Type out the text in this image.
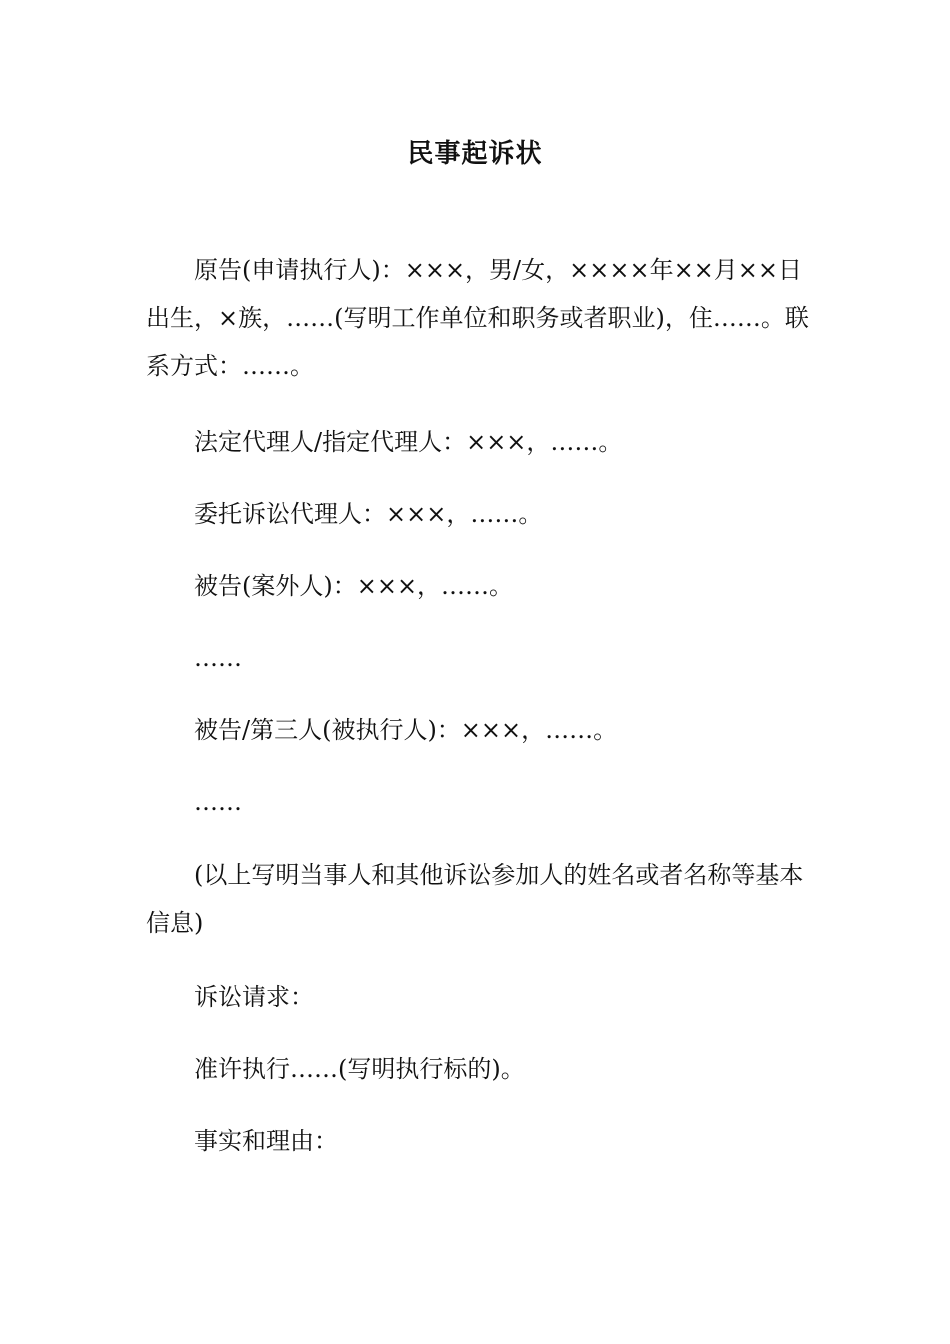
民事起诉状

原告(申请执行人)：×××，男/女，××××年××月××日出生，×族，……(写明工作单位和职务或者职业)，住……。联系方式：……。

法定代理人/指定代理人：×××，……。

委托诉讼代理人：×××，……。

被告(案外人)：×××，……。

……

被告/第三人(被执行人)：×××，……。

……

(以上写明当事人和其他诉讼参加人的姓名或者名称等基本信息)

诉讼请求：

准许执行……(写明执行标的)。

事实和理由：
